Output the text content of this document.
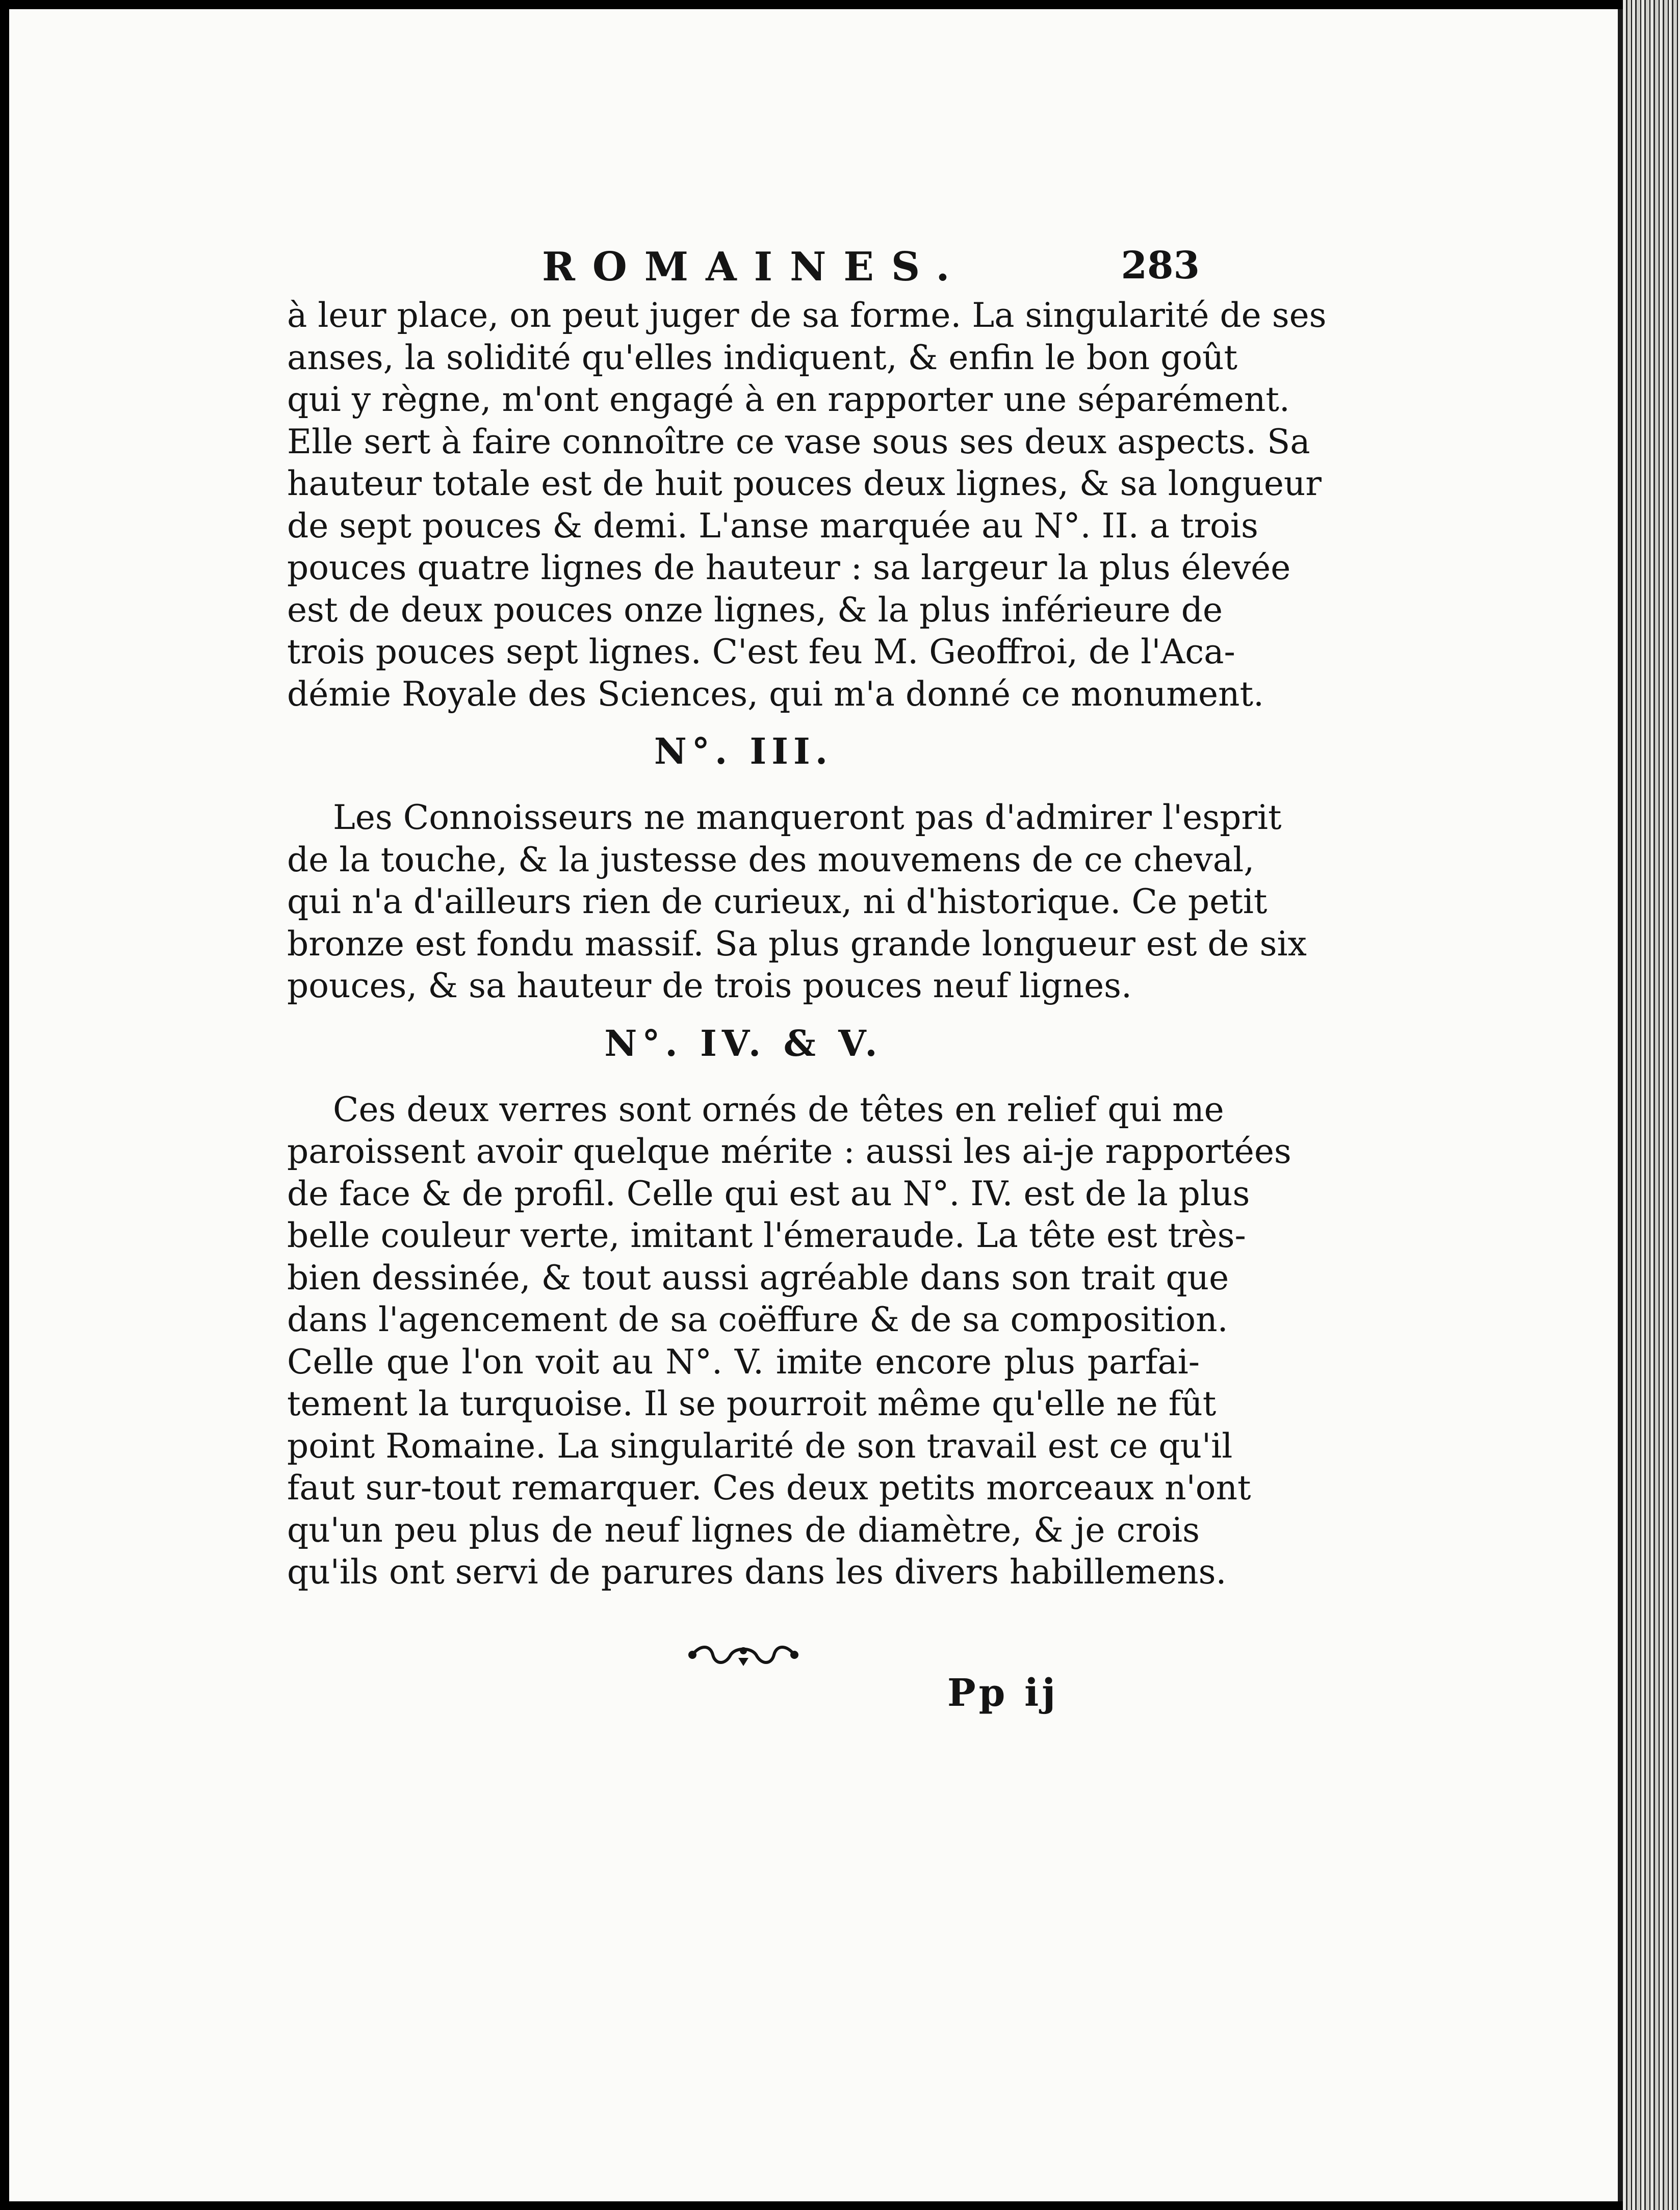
ROMAINES.	283

à leur place, on peut juger de sa forme. La singularité de ses
anses, la solidité qu'elles indiquent, & enfin le bon goût
qui y règne, m'ont engagé à en rapporter une séparément.
Elle sert à faire connoître ce vase sous ses deux aspects. Sa
hauteur totale est de huit pouces deux lignes, & sa longueur
de sept pouces & demi. L'anse marquée au N°. II. a trois
pouces quatre lignes de hauteur : sa largeur la plus élevée
est de deux pouces onze lignes, & la plus inférieure de
trois pouces sept lignes. C'est feu M. Geoffroi, de l'Aca-
démie Royale des Sciences, qui m'a donné ce monument.

N°. III.

Les Connoisseurs ne manqueront pas d'admirer l'esprit
de la touche, & la justesse des mouvemens de ce cheval,
qui n'a d'ailleurs rien de curieux, ni d'historique. Ce petit
bronze est fondu massif. Sa plus grande longueur est de six
pouces, & sa hauteur de trois pouces neuf lignes.

N°. IV. & V.

Ces deux verres sont ornés de têtes en relief qui me
paroissent avoir quelque mérite : aussi les ai-je rapportées
de face & de profil. Celle qui est au N°. IV. est de la plus
belle couleur verte, imitant l'émeraude. La tête est très-
bien dessinée, & tout aussi agréable dans son trait que
dans l'agencement de sa coëffure & de sa composition.
Celle que l'on voit au N°. V. imite encore plus parfai-
tement la turquoise. Il se pourroit même qu'elle ne fût
point Romaine. La singularité de son travail est ce qu'il
faut sur-tout remarquer. Ces deux petits morceaux n'ont
qu'un peu plus de neuf lignes de diamètre, & je crois
qu'ils ont servi de parures dans les divers habillemens.

Pp ij
